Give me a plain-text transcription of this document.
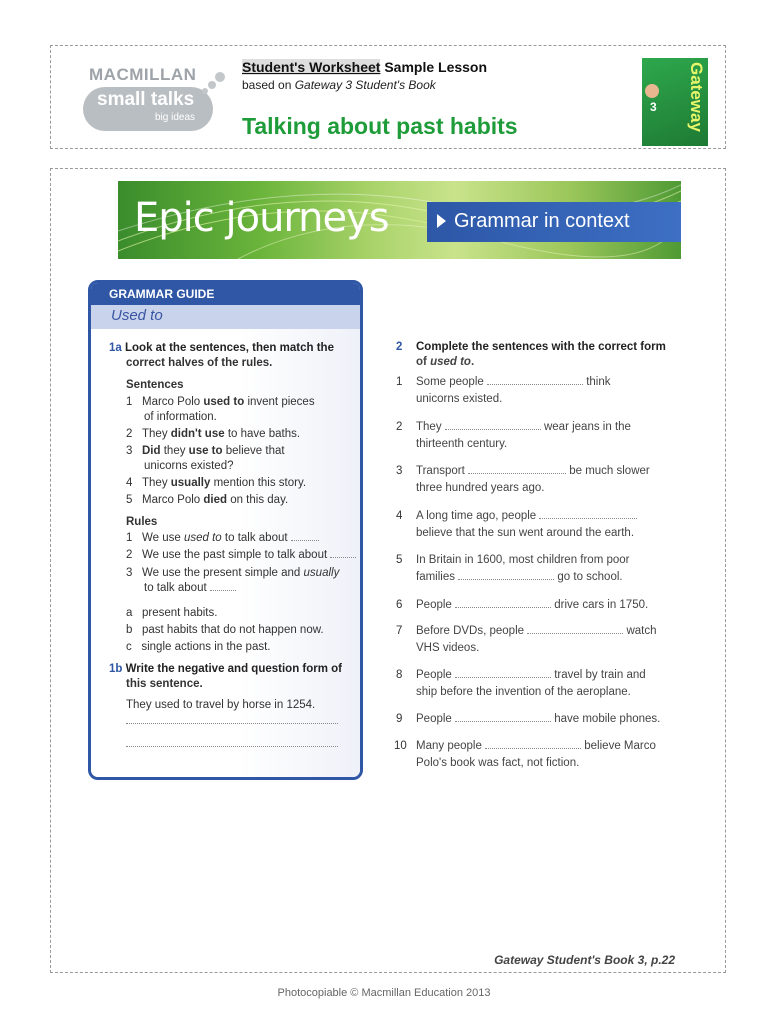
MACMILLAN
small talks
big ideas
Student's Worksheet Sample Lesson
based on Gateway 3 Student's Book
Talking about past habits	Gateway
3
Epic journeys	Grammar in context
GRAMMAR GUIDE
Used to
1a Look at the sentences, then match the
correct halves of the rules.
Sentences
1 Marco Polo used to invent pieces
of information.
2 They didn't use to have baths.
3 Did they use to believe that
unicorns existed?
4 They usually mention this story.
5 Marco Polo died on this day.
Rules
1 We use used to to talk about
2 We use the past simple to talk about
3 We use the present simple and usually
to talk about
a present habits.
b past habits that do not happen now.
c single actions in the past.
1b Write the negative and question form of
this sentence.
They used to travel by horse in 1254.
2 Complete the sentences with the correct form
of used to.
1 Some people	think
unicorns existed.
2 They	wear jeans in the
thirteenth century.
3 Transport	be much slower
three hundred years ago.
4 A long time ago, people
believe that the sun went around the earth.
5 In Britain in 1600, most children from poor
families	go to school.
6 People	drive cars in 1750.
7 Before DVDs, people	watch
VHS videos.
8 People	travel by train and
ship before the invention of the aeroplane.
9 People	have mobile phones.
10 Many people	believe Marco
Polo's book was fact, not fiction.
Gateway Student's Book 3, p.22
Photocopiable © Macmillan Education 2013
